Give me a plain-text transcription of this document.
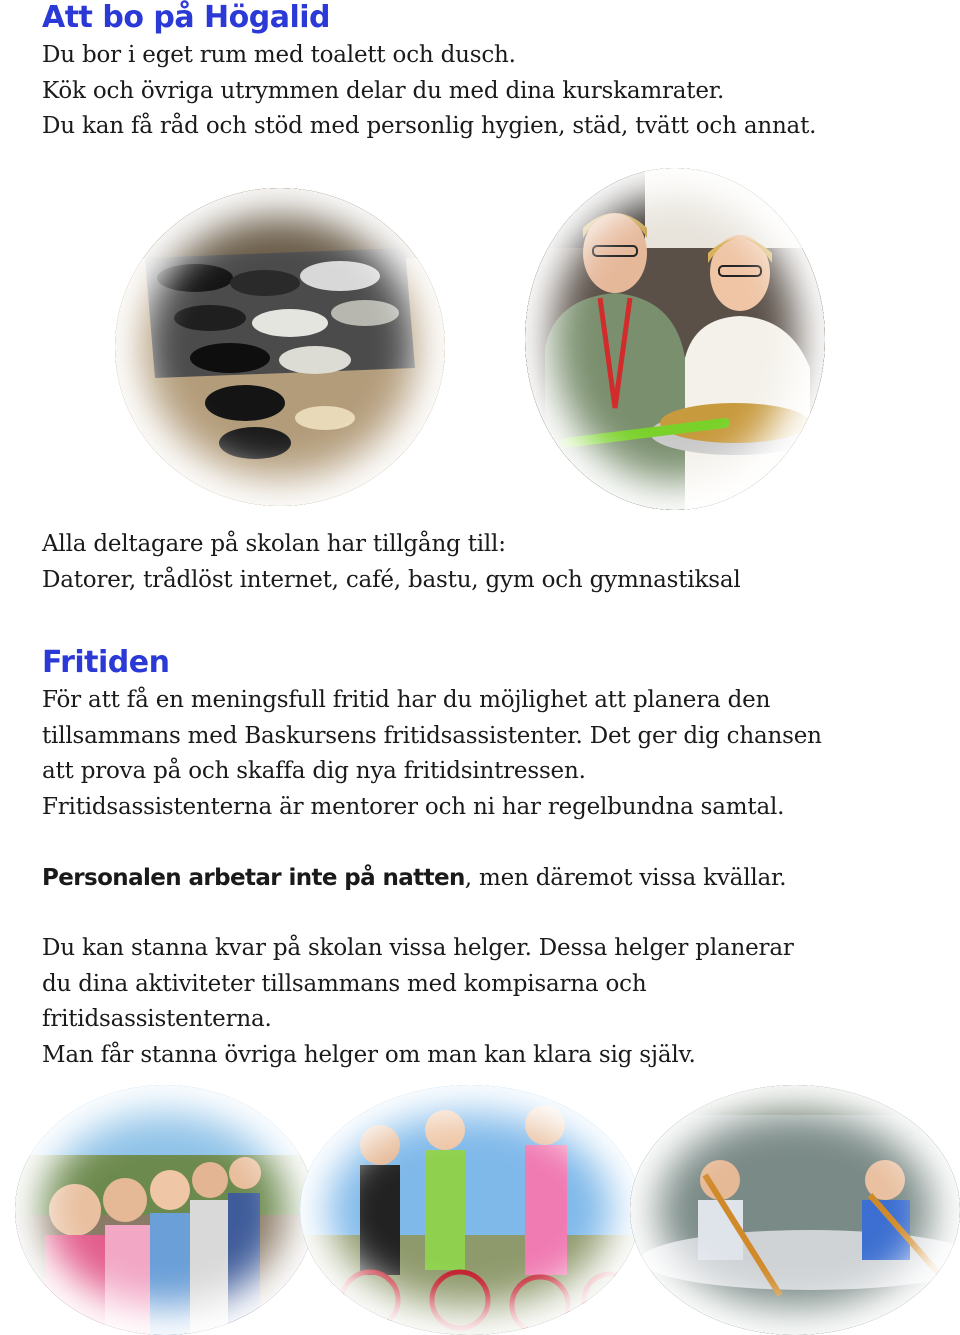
Att bo på Högalid
Du bor i eget rum med toalett och dusch.
Kök och övriga utrymmen delar du med dina kurskamrater.
Du kan få råd och stöd med personlig hygien, städ, tvätt och annat.
Alla deltagare på skolan har tillgång till:
Datorer, trådlöst internet, café, bastu, gym och gymnastiksal
Fritiden
För att få en meningsfull fritid har du möjlighet att planera den
tillsammans med Baskursens fritidsassistenter. Det ger dig chansen
att prova på och skaffa dig nya fritidsintressen.
Fritidsassistenterna är mentorer och ni har regelbundna samtal.
Personalen arbetar inte på natten, men däremot vissa kvällar.
Du kan stanna kvar på skolan vissa helger. Dessa helger planerar
du dina aktiviteter tillsammans med kompisarna och
fritidsassistenterna.
Man får stanna övriga helger om man kan klara sig själv.
